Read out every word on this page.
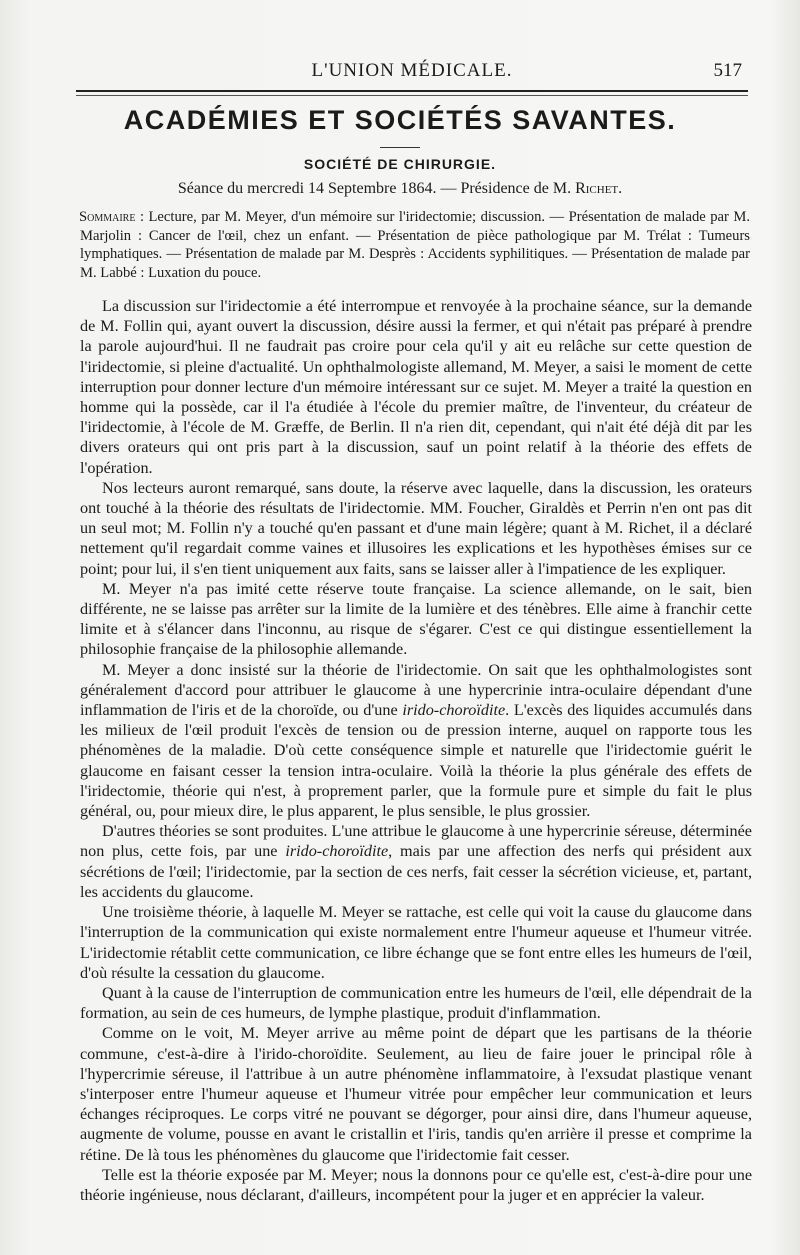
L'UNION MÉDICALE.	517
ACADÉMIES ET SOCIÉTÉS SAVANTES.
SOCIÉTÉ DE CHIRURGIE.
Séance du mercredi 14 Septembre 1864. — Présidence de M. Richet.
Sommaire : Lecture, par M. Meyer, d'un mémoire sur l'iridectomie; discussion. — Présentation de malade par M. Marjolin : Cancer de l'œil, chez un enfant. — Présentation de pièce pathologique par M. Trélat : Tumeurs lymphatiques. — Présentation de malade par M. Desprès : Accidents syphilitiques. — Présentation de malade par M. Labbé : Luxation du pouce.

La discussion sur l'iridectomie a été interrompue et renvoyée à la prochaine séance, sur la demande de M. Follin qui, ayant ouvert la discussion, désire aussi la fermer, et qui n'était pas préparé à prendre la parole aujourd'hui. Il ne faudrait pas croire pour cela qu'il y ait eu relâche sur cette question de l'iridectomie, si pleine d'actualité. Un ophthalmologiste allemand, M. Meyer, a saisi le moment de cette interruption pour donner lecture d'un mémoire intéressant sur ce sujet. M. Meyer a traité la question en homme qui la possède, car il l'a étudiée à l'école du premier maître, de l'inventeur, du créateur de l'iridectomie, à l'école de M. Græffe, de Berlin. Il n'a rien dit, cependant, qui n'ait été déjà dit par les divers orateurs qui ont pris part à la discussion, sauf un point relatif à la théorie des effets de l'opération.

Nos lecteurs auront remarqué, sans doute, la réserve avec laquelle, dans la discussion, les orateurs ont touché à la théorie des résultats de l'iridectomie. MM. Foucher, Giraldès et Perrin n'en ont pas dit un seul mot; M. Follin n'y a touché qu'en passant et d'une main légère; quant à M. Richet, il a déclaré nettement qu'il regardait comme vaines et illusoires les explications et les hypothèses émises sur ce point; pour lui, il s'en tient uniquement aux faits, sans se laisser aller à l'impatience de les expliquer.

M. Meyer n'a pas imité cette réserve toute française. La science allemande, on le sait, bien différente, ne se laisse pas arrêter sur la limite de la lumière et des ténèbres. Elle aime à franchir cette limite et à s'élancer dans l'inconnu, au risque de s'égarer. C'est ce qui distingue essentiellement la philosophie française de la philosophie allemande.

M. Meyer a donc insisté sur la théorie de l'iridectomie. On sait que les ophthalmologistes sont généralement d'accord pour attribuer le glaucome à une hypercrinie intra-oculaire dépendant d'une inflammation de l'iris et de la choroïde, ou d'une irido-choroïdite. L'excès des liquides accumulés dans les milieux de l'œil produit l'excès de tension ou de pression interne, auquel on rapporte tous les phénomènes de la maladie. D'où cette conséquence simple et naturelle que l'iridectomie guérit le glaucome en faisant cesser la tension intra-oculaire. Voilà la théorie la plus générale des effets de l'iridectomie, théorie qui n'est, à proprement parler, que la formule pure et simple du fait le plus général, ou, pour mieux dire, le plus apparent, le plus sensible, le plus grossier.

D'autres théories se sont produites. L'une attribue le glaucome à une hypercrinie séreuse, déterminée non plus, cette fois, par une irido-choroïdite, mais par une affection des nerfs qui président aux sécrétions de l'œil; l'iridectomie, par la section de ces nerfs, fait cesser la sécrétion vicieuse, et, partant, les accidents du glaucome.

Une troisième théorie, à laquelle M. Meyer se rattache, est celle qui voit la cause du glaucome dans l'interruption de la communication qui existe normalement entre l'humeur aqueuse et l'humeur vitrée. L'iridectomie rétablit cette communication, ce libre échange que se font entre elles les humeurs de l'œil, d'où résulte la cessation du glaucome.

Quant à la cause de l'interruption de communication entre les humeurs de l'œil, elle dépendrait de la formation, au sein de ces humeurs, de lymphe plastique, produit d'inflammation.

Comme on le voit, M. Meyer arrive au même point de départ que les partisans de la théorie commune, c'est-à-dire à l'irido-choroïdite. Seulement, au lieu de faire jouer le principal rôle à l'hypercrimie séreuse, il l'attribue à un autre phénomène inflammatoire, à l'exsudat plastique venant s'interposer entre l'humeur aqueuse et l'humeur vitrée pour empêcher leur communication et leurs échanges réciproques. Le corps vitré ne pouvant se dégorger, pour ainsi dire, dans l'humeur aqueuse, augmente de volume, pousse en avant le cristallin et l'iris, tandis qu'en arrière il presse et comprime la rétine. De là tous les phénomènes du glaucome que l'iridectomie fait cesser.

Telle est la théorie exposée par M. Meyer; nous la donnons pour ce qu'elle est, c'est-à-dire pour une théorie ingénieuse, nous déclarant, d'ailleurs, incompétent pour la juger et en apprécier la valeur.
